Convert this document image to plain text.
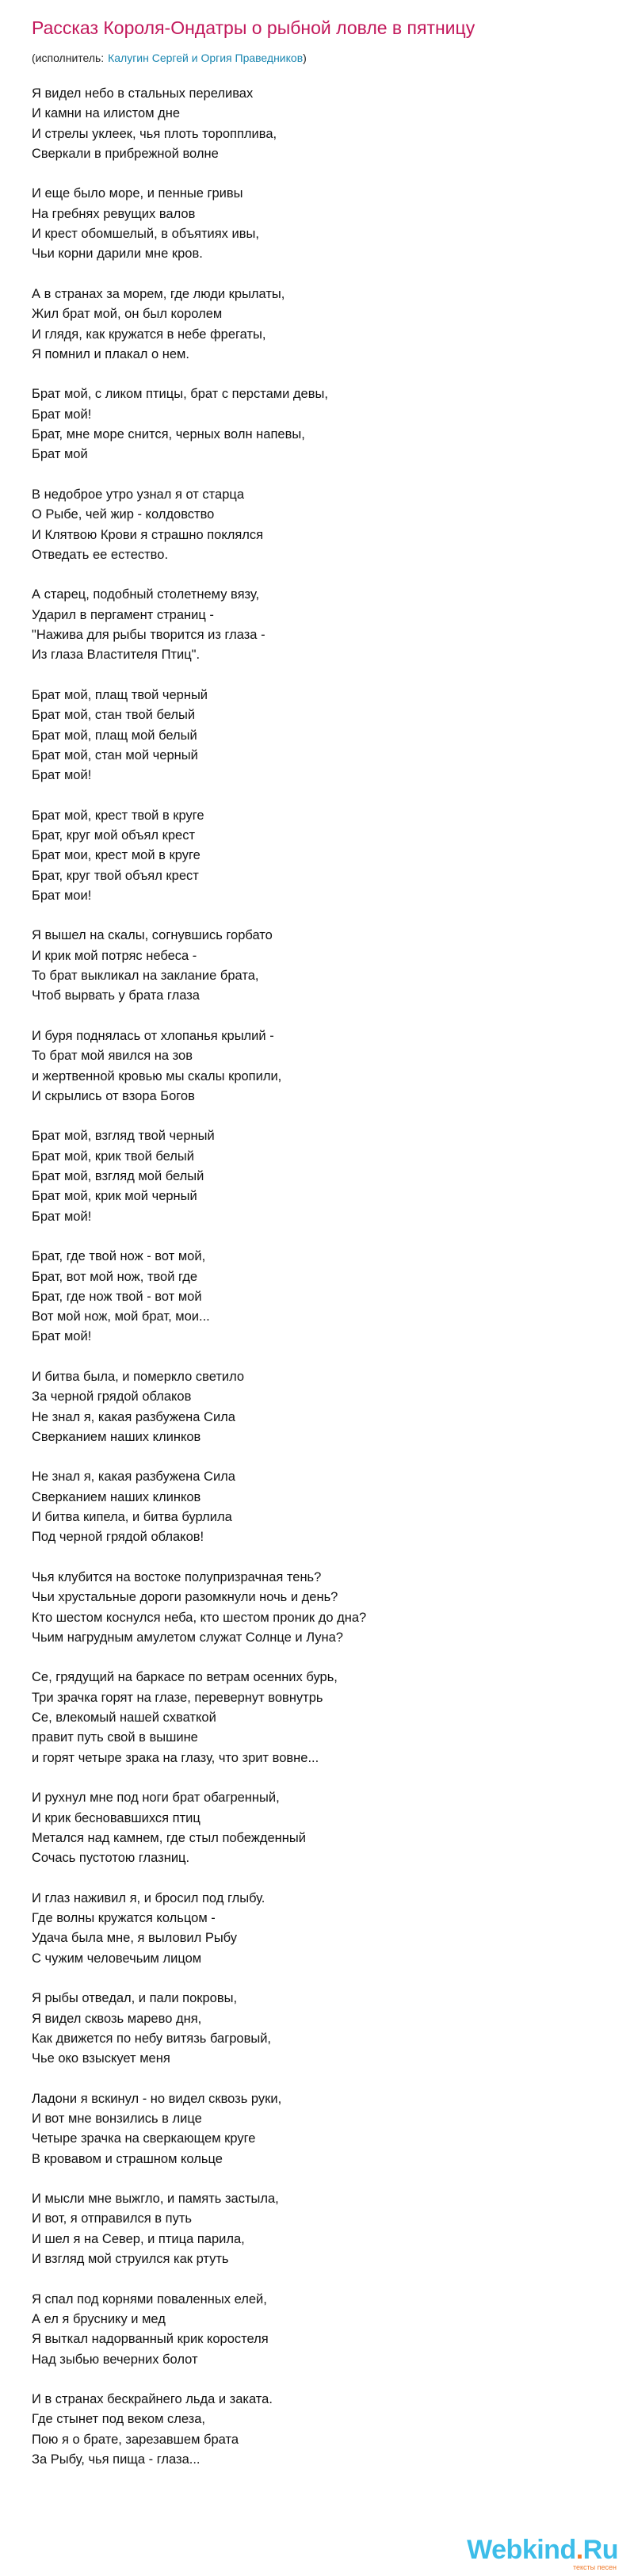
Рассказ Короля-Ондатры о рыбной ловле в пятницу
(исполнитель: Калугин Сергей и Оргия Праведников)
Я видел небо в стальных переливах
И камни на илистом дне
И стрелы уклеек, чья плоть торопплива,
Сверкали в прибрежной волне
И еще было море, и пенные гривы
На гребнях ревущих валов
И крест обомшелый, в объятиях ивы,
Чьи корни дарили мне кров.
А в странах за морем, где люди крылаты,
Жил брат мой, он был королем
И глядя, как кружатся в небе фрегаты,
Я помнил и плакал о нем.
Брат мой, с ликом птицы, брат с перстами девы,
Брат мой!
Брат, мне море снится, черных волн напевы,
Брат мой
В недоброе утро узнал я от старца
О Рыбе, чей жир - колдовство
И Клятвою Крови я страшно поклялся
Отведать ее естество.
А старец, подобный столетнему вязу,
Ударил в пергамент страниц -
"Нажива для рыбы творится из глаза -
Из глаза Властителя Птиц".
Брат мой, плащ твой черный
Брат мой, стан твой белый
Брат мой, плащ мой белый
Брат мой, стан мой черный
Брат мой!
Брат мой, крест твой в круге
Брат, круг мой объял крест
Брат мои, крест мой в круге
Брат, круг твой объял крест
Брат мои!
Я вышел на скалы, согнувшись горбато
И крик мой потряс небеса -
То брат выкликал на заклание брата,
Чтоб вырвать у брата глаза
И буря поднялась от хлопанья крылий -
То брат мой явился на зов
и жертвенной кровью мы скалы кропили,
И скрылись от взора Богов
Брат мой, взгляд твой черный
Брат мой, крик твой белый
Брат мой, взгляд мой белый
Брат мой, крик мой черный
Брат мой!
Брат, где твой нож - вот мой,
Брат, вот мой нож, твой где
Брат, где нож твой - вот мой
Вот мой нож, мой брат, мои...
Брат мой!
И битва была, и померкло светило
За черной грядой облаков
Не знал я, какая разбужена Сила
Сверканием наших клинков
Не знал я, какая разбужена Сила
Сверканием наших клинков
И битва кипела, и битва бурлила
Под черной грядой облаков!
Чья клубится на востоке полупризрачная тень?
Чьи хрустальные дороги разомкнули ночь и день?
Кто шестом коснулся неба, кто шестом проник до дна?
Чьим нагрудным амулетом служат Солнце и Луна?
Се, грядущий на баркасе по ветрам осенних бурь,
Три зрачка горят на глазе, перевернут вовнутрь
Се, влекомый нашей схваткой
правит путь свой в вышине
и горят четыре зрака на глазу, что зрит вовне...
И рухнул мне под ноги брат обагренный,
И крик бесновавшихся птиц
Метался над камнем, где стыл побежденный
Сочась пустотою глазниц.
И глаз наживил я, и бросил под глыбу.
Где волны кружатся кольцом -
Удача была мне, я выловил Рыбу
С чужим человечьим лицом
Я рыбы отведал, и пали покровы,
Я видел сквозь марево дня,
Как движется по небу витязь багровый,
Чье око взыскует меня
Ладони я вскинул - но видел сквозь руки,
И вот мне вонзились в лице
Четыре зрачка на сверкающем круге
В кровавом и страшном кольце
И мысли мне выжгло, и память застыла,
И вот, я отправился в путь
И шел я на Север, и птица парила,
И взгляд мой струился как ртуть
Я спал под корнями поваленных елей,
А ел я бруснику и мед
Я выткал надорванный крик коростеля
Над зыбью вечерних болот
И в странах бескрайнего льда и заката.
Где стынет под веком слеза,
Пою я о брате, зарезавшем брата
За Рыбу, чья пища - глаза...
Webkind.Ru
тексты песен
